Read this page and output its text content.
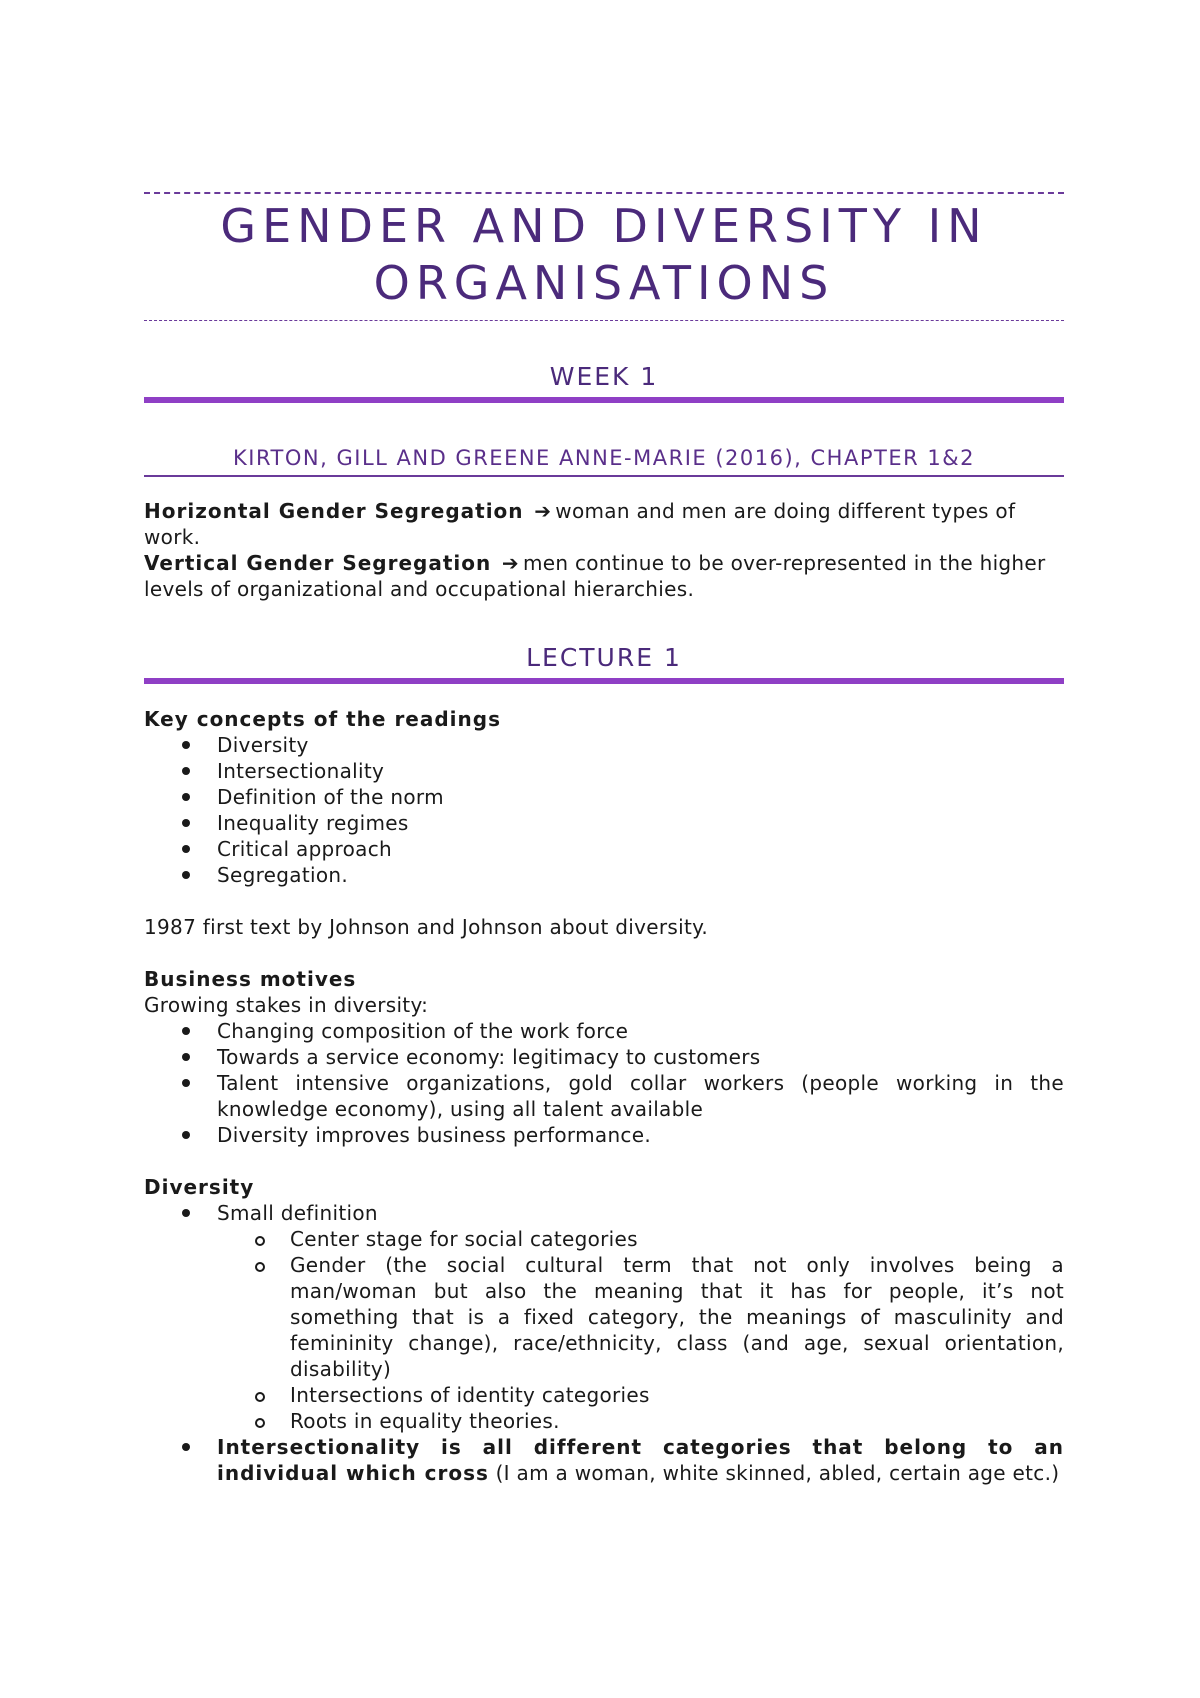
GENDER AND DIVERSITY IN
ORGANISATIONS
WEEK 1
KIRTON, GILL AND GREENE ANNE-MARIE (2016), CHAPTER 1&2

Horizontal Gender Segregation ➔ woman and men are doing different types of work.

Vertical Gender Segregation ➔ men continue to be over-represented in the higher levels of organizational and occupational hierarchies.

LECTURE 1

Key concepts of the readings

Diversity
Intersectionality
Definition of the norm
Inequality regimes
Critical approach
Segregation.

1987 first text by Johnson and Johnson about diversity.

Business motives

Growing stakes in diversity:

Changing composition of the work force
Towards a service economy: legitimacy to customers
Talent intensive organizations, gold collar workers (people working in the knowledge economy), using all talent available
Diversity improves business performance.

Diversity

Small definition
Center stage for social categories
Gender (the social cultural term that not only involves being a man/woman but also the meaning that it has for people, it’s not something that is a fixed category, the meanings of masculinity and femininity change), race/ethnicity, class (and age, sexual orientation, disability)
Intersections of identity categories
Roots in equality theories.
Intersectionality is all different categories that belong to an individual which cross (I am a woman, white skinned, abled, certain age etc.)
